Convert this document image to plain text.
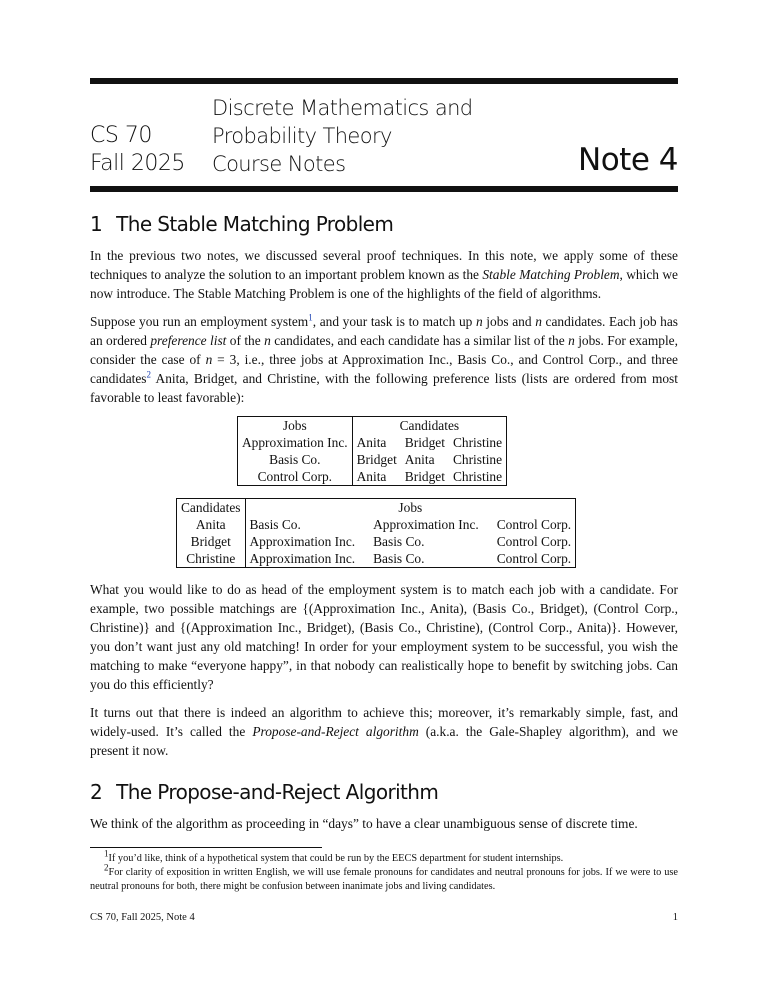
CS 70
Fall 2025
Discrete Mathematics and Probability Theory
Course Notes	Note 4
1 The Stable Matching Problem

In the previous two notes, we discussed several proof techniques. In this note, we apply some of these techniques to analyze the solution to an important problem known as the Stable Matching Problem, which we now introduce. The Stable Matching Problem is one of the highlights of the field of algorithms.

Suppose you run an employment system$^1$, and your task is to match up n jobs and n candidates. Each job has an ordered preference list of the n candidates, and each candidate has a similar list of the n jobs. For example, consider the case of n = 3, i.e., three jobs at Approximation Inc., Basis Co., and Control Corp., and three candidates$^2$ Anita, Bridget, and Christine, with the following preference lists (lists are ordered from most favorable to least favorable):

Jobs	Candidates		
Approximation Inc.	Anita	Bridget	Christine
Basis Co.	Bridget	Anita	Christine
Control Corp.	Anita	Bridget	Christine
Candidates	Jobs		
Anita	Basis Co.	Approximation Inc.	Control Corp.
Bridget	Approximation Inc.	Basis Co.	Control Corp.
Christine	Approximation Inc.	Basis Co.	Control Corp.

What you would like to do as head of the employment system is to match each job with a candidate. For example, two possible matchings are {(Approximation Inc., Anita), (Basis Co., Bridget), (Control Corp., Christine)} and {(Approximation Inc., Bridget), (Basis Co., Christine), (Control Corp., Anita)}. However, you don’t want just any old matching! In order for your employment system to be successful, you wish the matching to make “everyone happy”, in that nobody can realistically hope to benefit by switching jobs. Can you do this efficiently?

It turns out that there is indeed an algorithm to achieve this; moreover, it’s remarkably simple, fast, and widely-used. It’s called the Propose-and-Reject algorithm (a.k.a. the Gale-Shapley algorithm), and we present it now.

2 The Propose-and-Reject Algorithm

We think of the algorithm as proceeding in “days” to have a clear unambiguous sense of discrete time.

$^1$If you’d like, think of a hypothetical system that could be run by the EECS department for student internships.

$^2$For clarity of exposition in written English, we will use female pronouns for candidates and neutral pronouns for jobs. If we were to use neutral pronouns for both, there might be confusion between inanimate jobs and living candidates.

CS 70, Fall 2025, Note 4	1
